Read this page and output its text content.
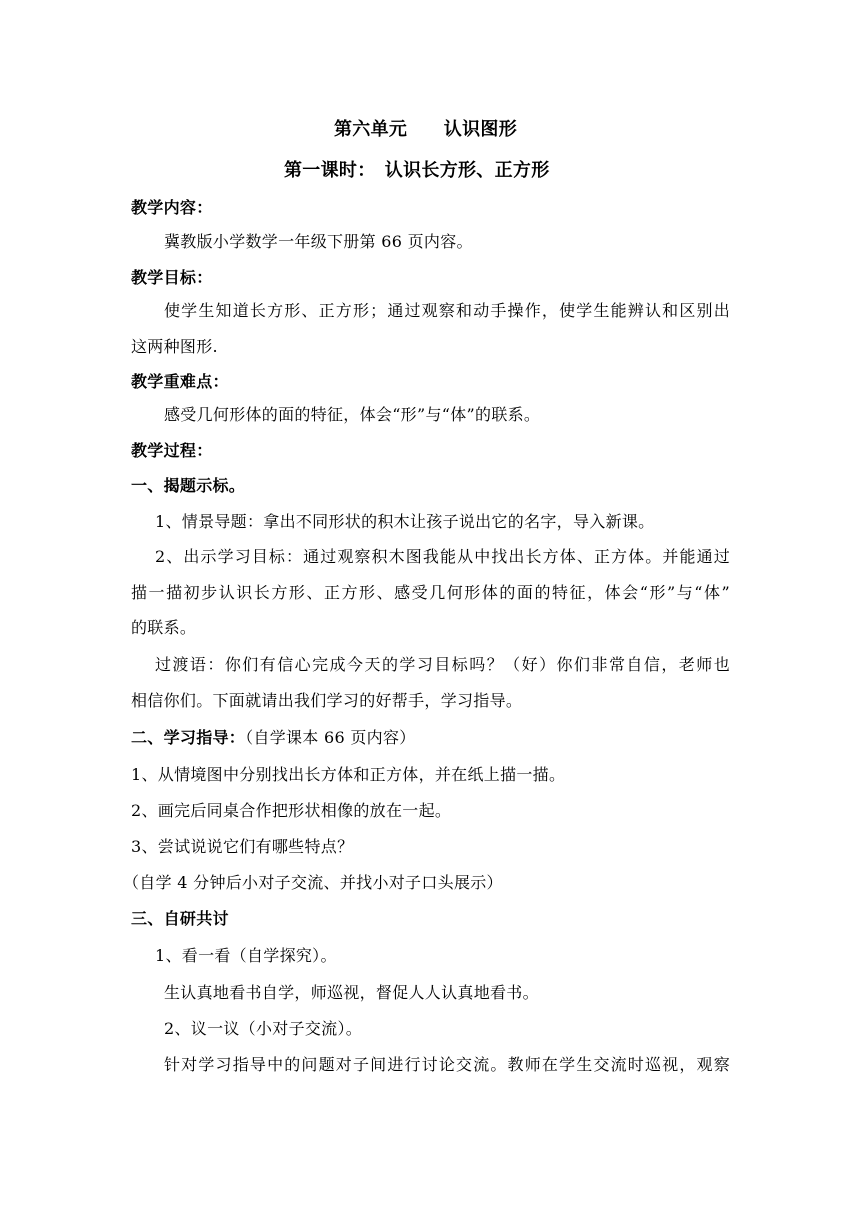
第六单元　　认识图形
第一课时：　认识长方形、正方形
教学内容：
冀教版小学数学一年级下册第 66 页内容。
教学目标：
使学生知道长方形、正方形；通过观察和动手操作，使学生能辨认和区别出
这两种图形.
教学重难点：
感受几何形体的面的特征，体会“形”与“体”的联系。
教学过程：
一、揭题示标。
1、情景导题：拿出不同形状的积木让孩子说出它的名字，导入新课。
2、出示学习目标：通过观察积木图我能从中找出长方体、正方体。并能通过
描一描初步认识长方形、正方形、感受几何形体的面的特征，体会“形”与“体”
的联系。
过渡语：你们有信心完成今天的学习目标吗？（好）你们非常自信，老师也
相信你们。下面就请出我们学习的好帮手，学习指导。
二、学习指导：（自学课本 66 页内容）
1、从情境图中分别找出长方体和正方体，并在纸上描一描。
2、画完后同桌合作把形状相像的放在一起。
3、尝试说说它们有哪些特点？
（自学 4 分钟后小对子交流、并找小对子口头展示）
三、自研共讨
1、看一看（自学探究）。
生认真地看书自学，师巡视，督促人人认真地看书。
2、议一议（小对子交流）。
针对学习指导中的问题对子间进行讨论交流。教师在学生交流时巡视，观察
